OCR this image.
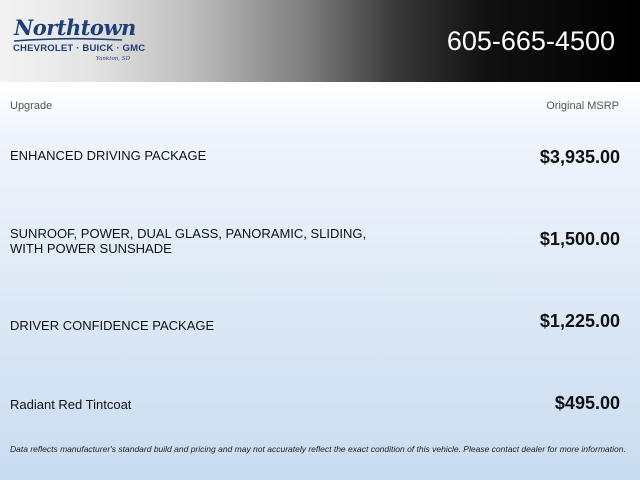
Northtown
CHEVROLET · BUICK · GMC
Yankton, SD
605-665-4500
Upgrade	Original MSRP
ENHANCED DRIVING PACKAGE	$3,935.00
SUNROOF, POWER, DUAL GLASS, PANORAMIC, SLIDING, WITH POWER SUNSHADE	$1,500.00
DRIVER CONFIDENCE PACKAGE	$1,225.00
Radiant Red Tintcoat	$495.00
Data reflects manufacturer's standard build and pricing and may not accurately reflect the exact condition of this vehicle. Please contact dealer for more information.
